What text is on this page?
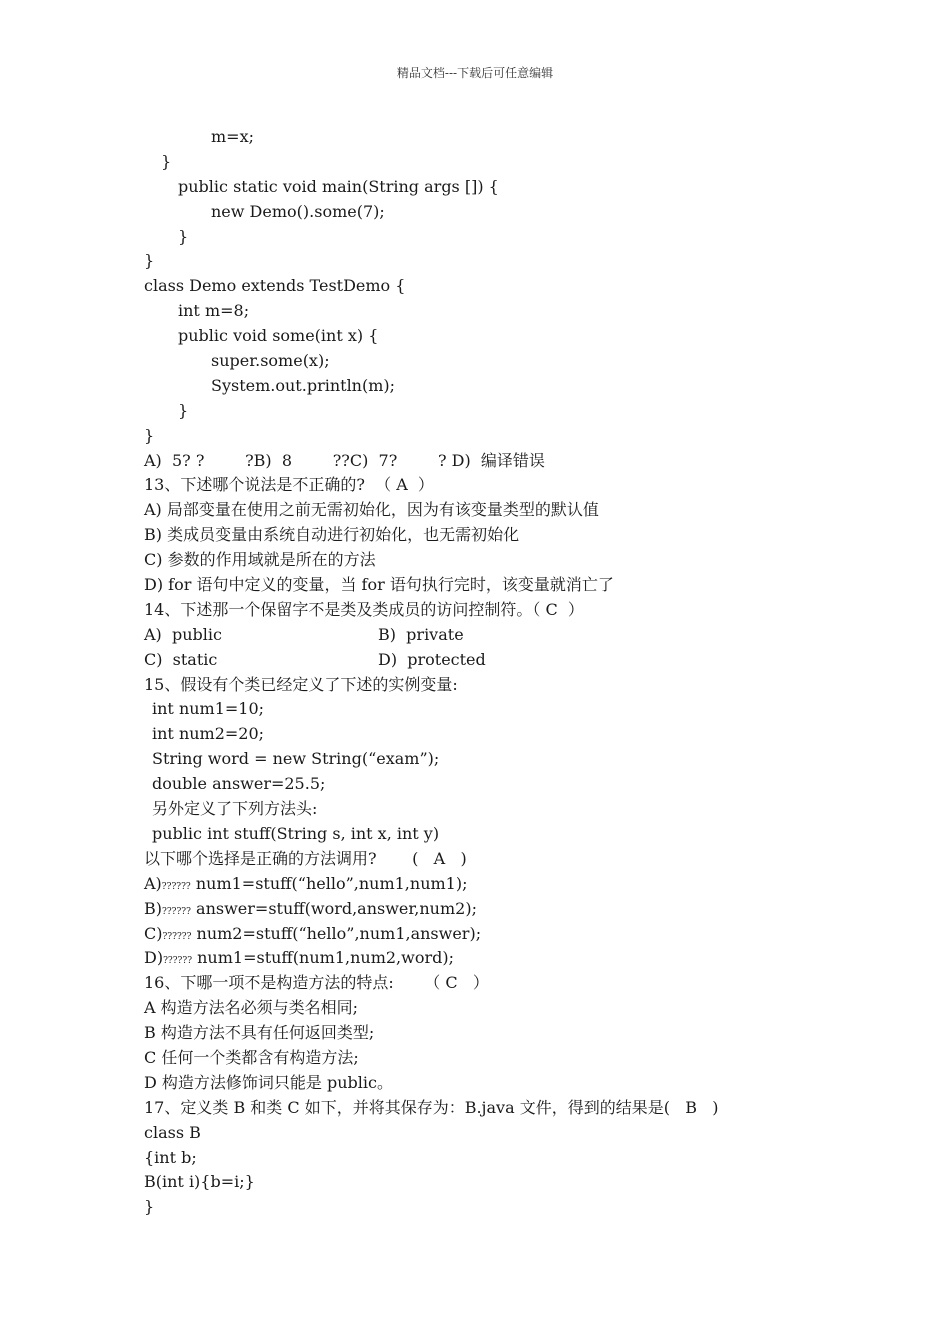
精品文档---下载后可任意编辑
m=x;
}
public static void main(String args []) {
new Demo().some(7);
}
}
class Demo extends TestDemo {
int m=8;
public void some(int x) {
super.some(x);
System.out.println(m);
}
}
A)  5? ?        ?B)  8        ??C)  7?        ? D)  编译错误
13、下述哪个说法是不正确的?  （ A  ）
A) 局部变量在使用之前无需初始化，因为有该变量类型的默认值
B) 类成员变量由系统自动进行初始化，也无需初始化
C) 参数的作用域就是所在的方法
D) for 语句中定义的变量，当 for 语句执行完时，该变量就消亡了
14、下述那一个保留字不是类及类成员的访问控制符。（ C  ）
A)  public	B)  private
C)  static	D)  protected
15、假设有个类已经定义了下述的实例变量:
int num1=10;
int num2=20;
String word = new String(“exam”);
double answer=25.5;
另外定义了下列方法头:
public int stuff(String s, int x, int y)
以下哪个选择是正确的方法调用?       (   A   )
A)?????? num1=stuff(“hello”,num1,num1);
B)?????? answer=stuff(word,answer,num2);
C)?????? num2=stuff(“hello”,num1,answer);
D)?????? num1=stuff(num1,num2,word);
16、下哪一项不是构造方法的特点:      （ C   ）
A 构造方法名必须与类名相同;
B 构造方法不具有任何返回类型;
C 任何一个类都含有构造方法;
D 构造方法修饰词只能是 public。
17、定义类 B 和类 C 如下，并将其保存为：B.java 文件，得到的结果是(   B   )
class B
{int b;
B(int i){b=i;}
}
